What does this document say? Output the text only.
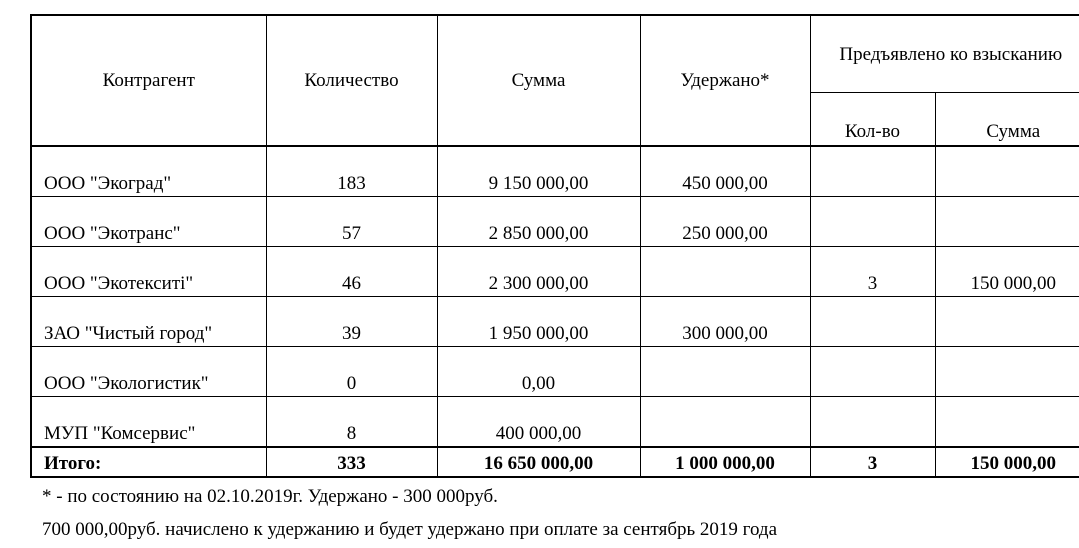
Контрагент	Количество	Сумма	Удержано*	Предъявлено ко взысканию	
				Кол-во	Сумма
ООО "Экоград"	183	9 150 000,00	450 000,00		
ООО "Экотранс"	57	2 850 000,00	250 000,00		
ООО "Экотекситi"	46	2 300 000,00		3	150 000,00
ЗАО "Чистый город"	39	1 950 000,00	300 000,00		
ООО "Экологистик"	0	0,00			
МУП "Комсервис"	8	400 000,00			
Итого:	333	16 650 000,00	1 000 000,00	3	150 000,00
* - по состоянию на 02.10.2019г. Удержано - 300 000руб.
700 000,00руб. начислено к удержанию и будет удержано при оплате за сентябрь 2019 года
